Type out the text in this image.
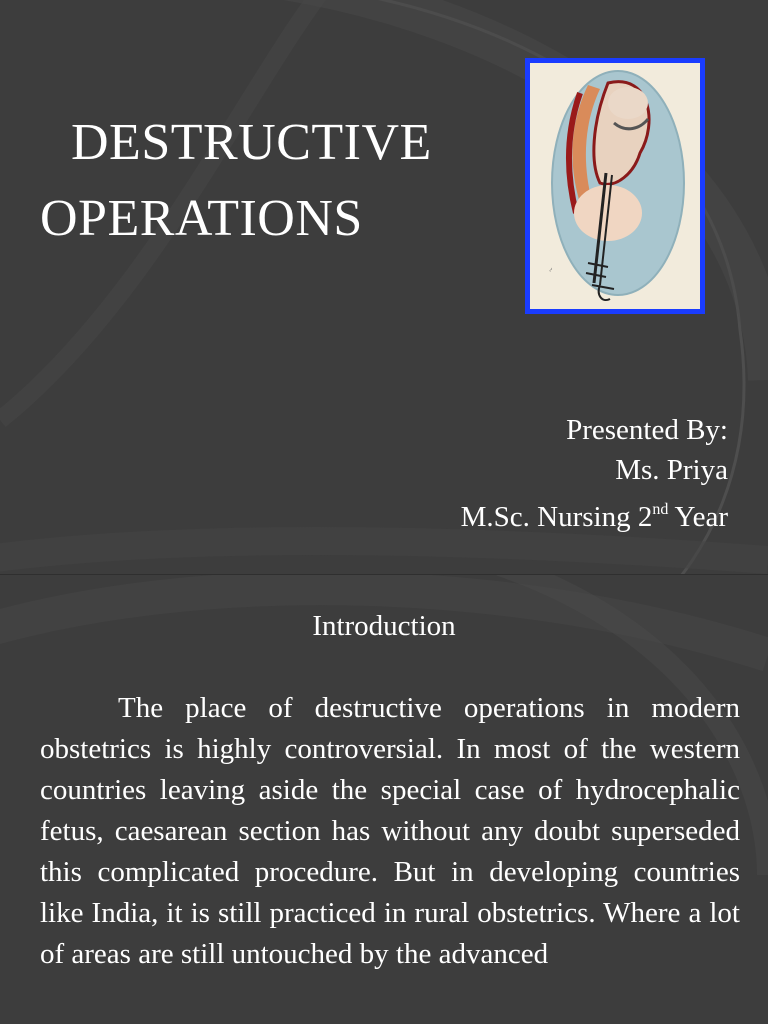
DESTRUCTIVE
OPERATIONS
~
Presented By:
Ms. Priya
M.Sc. Nursing 2nd Year
Introduction
The place of destructive operations in modern obstetrics is highly controversial. In most of the western countries leaving aside the special case of hydrocephalic fetus, caesarean section has without any doubt superseded this complicated procedure. But in developing countries like India, it is still practiced in rural obstetrics. Where a lot of areas are still untouched by the advanced
